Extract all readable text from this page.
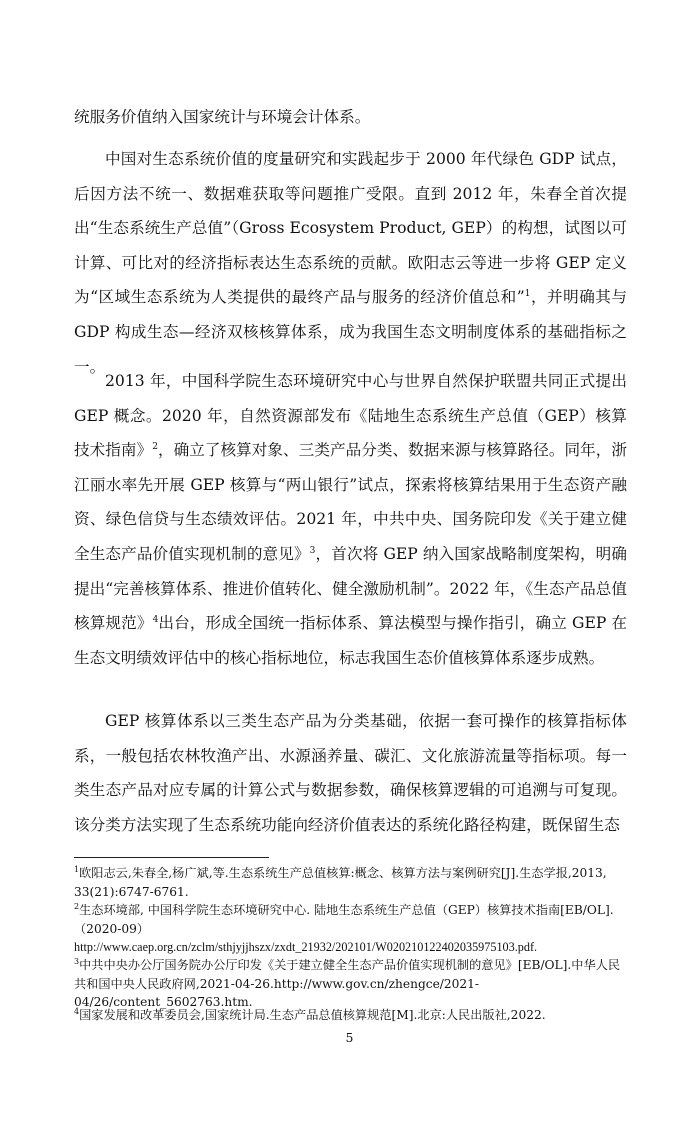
统服务价值纳入国家统计与环境会计体系。

中国对生态系统价值的度量研究和实践起步于 2000 年代绿色 GDP 试点，后因方法不统一、数据难获取等问题推广受限。直到 2012 年，朱春全首次提出“生态系统生产总值”（Gross Ecosystem Product, GEP）的构想，试图以可计算、可比对的经济指标表达生态系统的贡献。欧阳志云等进一步将 GEP 定义为“区域生态系统为人类提供的最终产品与服务的经济价值总和”$^1$，并明确其与 GDP 构成生态—经济双核核算体系，成为我国生态文明制度体系的基础指标之一。

2013 年，中国科学院生态环境研究中心与世界自然保护联盟共同正式提出 GEP 概念。2020 年，自然资源部发布《陆地生态系统生产总值（GEP）核算技术指南》$^2$，确立了核算对象、三类产品分类、数据来源与核算路径。同年，浙江丽水率先开展 GEP 核算与“两山银行”试点，探索将核算结果用于生态资产融资、绿色信贷与生态绩效评估。2021 年，中共中央、国务院印发《关于建立健全生态产品价值实现机制的意见》$^3$，首次将 GEP 纳入国家战略制度架构，明确提出“完善核算体系、推进价值转化、健全激励机制”。2022 年，《生态产品总值核算规范》$^4$出台，形成全国统一指标体系、算法模型与操作指引，确立 GEP 在生态文明绩效评估中的核心指标地位，标志我国生态价值核算体系逐步成熟。

GEP 核算体系以三类生态产品为分类基础，依据一套可操作的核算指标体系，一般包括农林牧渔产出、水源涵养量、碳汇、文化旅游流量等指标项。每一类生态产品对应专属的计算公式与数据参数，确保核算逻辑的可追溯与可复现。该分类方法实现了生态系统功能向经济价值表达的系统化路径构建，既保留生态

$^1$欧阳志云,朱春全,杨广斌,等.生态系统生产总值核算:概念、核算方法与案例研究[J].生态学报,2013, 33(21):6747-6761.

$^2$生态环境部, 中国科学院生态环境研究中心. 陆地生态系统生产总值（GEP）核算技术指南[EB/OL].（2020-09）
http://www.caep.org.cn/zclm/sthjyjjhszx/zxdt_21932/202101/W020210122402035975103.pdf.

$^3$中共中央办公厅国务院办公厅印发《关于建立健全生态产品价值实现机制的意见》[EB/OL].中华人民共和国中央人民政府网,2021-04-26.http://www.gov.cn/zhengce/2021-04/26/content_5602763.htm.

$^4$国家发展和改革委员会,国家统计局.生态产品总值核算规范[M].北京:人民出版社,2022.

5
